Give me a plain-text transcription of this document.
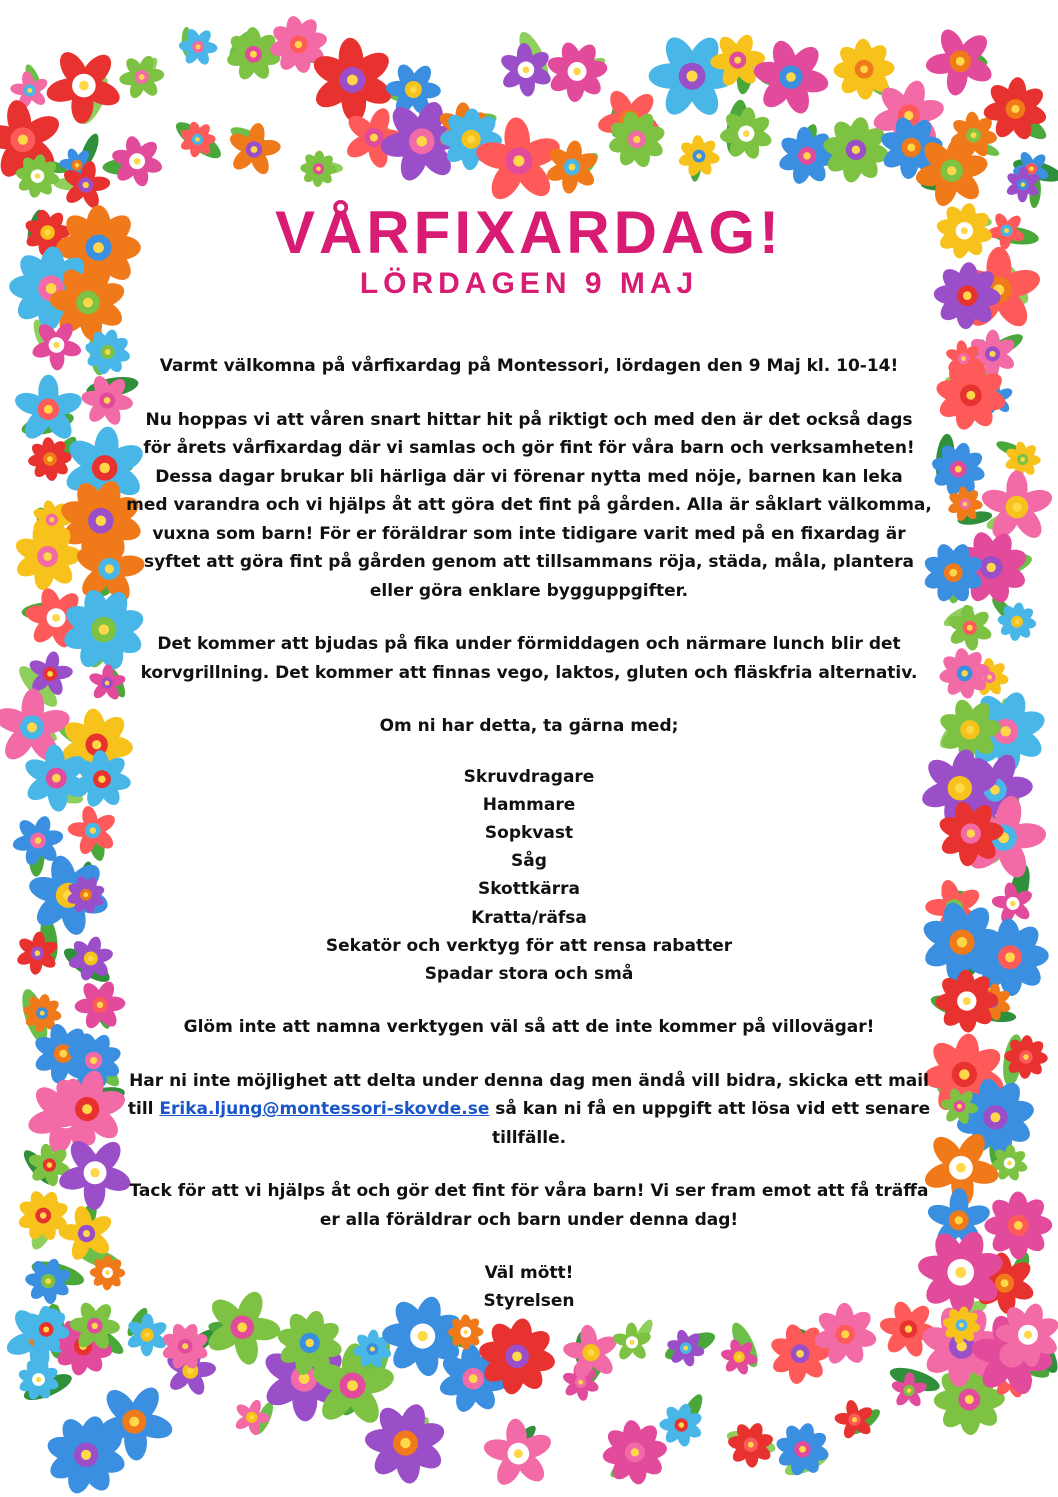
VÅRFIXARDAG!
LÖRDAGEN 9 MAJ
Varmt välkomna på vårfixardag på Montessori, lördagen den 9 Maj kl. 10-14!
Nu hoppas vi att våren snart hittar hit på riktigt och med den är det också dags
för årets vårfixardag där vi samlas och gör fint för våra barn och verksamheten!
Dessa dagar brukar bli härliga där vi förenar nytta med nöje, barnen kan leka
med varandra och vi hjälps åt att göra det fint på gården. Alla är såklart välkomma,
vuxna som barn! För er föräldrar som inte tidigare varit med på en fixardag är
syftet att göra fint på gården genom att tillsammans röja, städa, måla, plantera
eller göra enklare bygguppgifter.
Det kommer att bjudas på fika under förmiddagen och närmare lunch blir det
korvgrillning. Det kommer att finnas vego, laktos, gluten och fläskfria alternativ.
Om ni har detta, ta gärna med;
Skruvdragare
Hammare
Sopkvast
Såg
Skottkärra
Kratta/räfsa
Sekatör och verktyg för att rensa rabatter
Spadar stora och små
Glöm inte att namna verktygen väl så att de inte kommer på villovägar!
Har ni inte möjlighet att delta under denna dag men ändå vill bidra, skicka ett mail
till Erika.ljung@montessori-skovde.se så kan ni få en uppgift att lösa vid ett senare
tillfälle.
Tack för att vi hjälps åt och gör det fint för våra barn! Vi ser fram emot att få träffa
er alla föräldrar och barn under denna dag!
Väl mött!
Styrelsen
